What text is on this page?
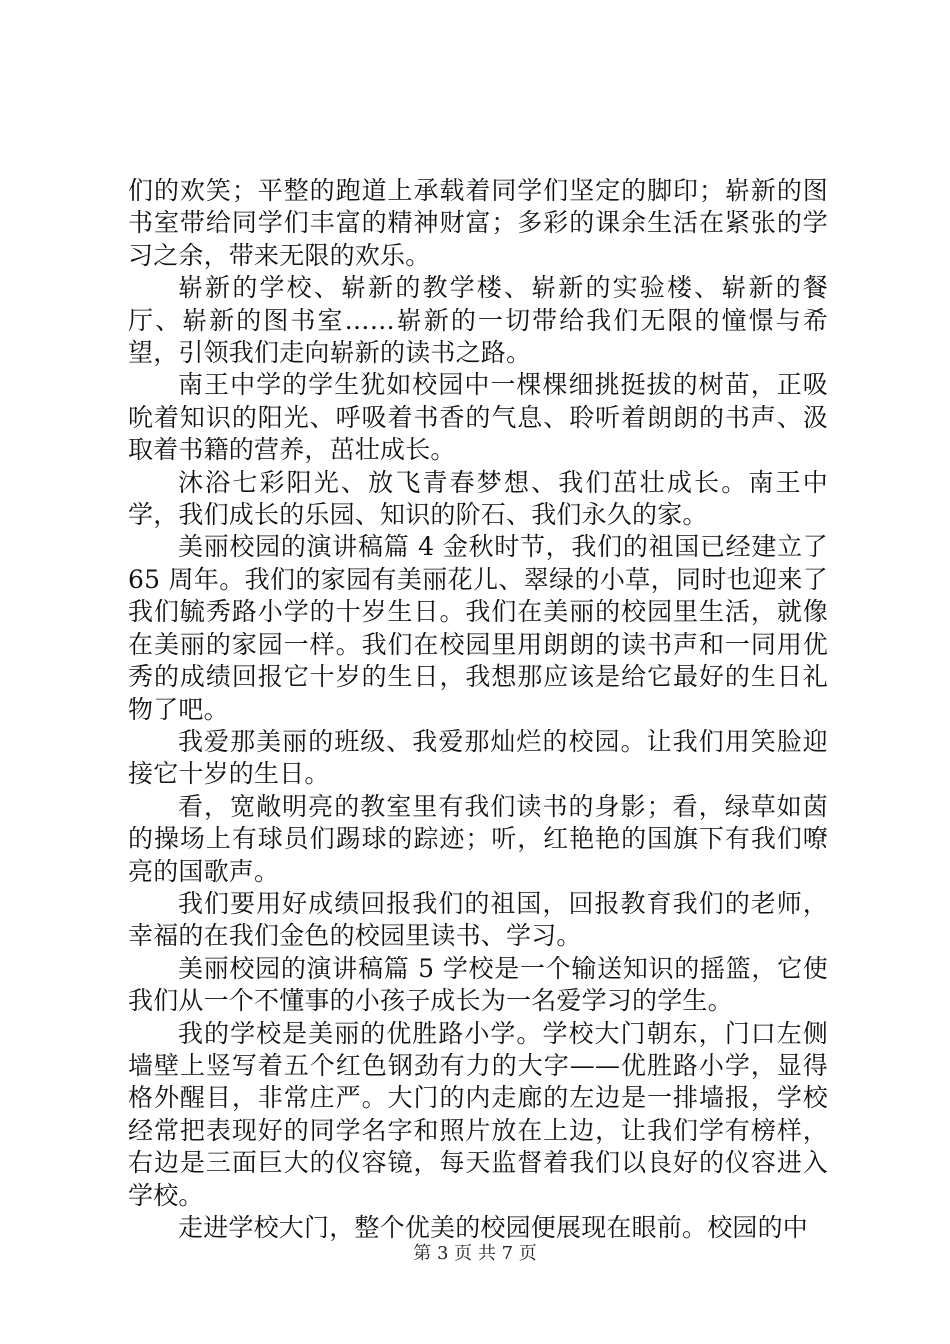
们的欢笑；平整的跑道上承载着同学们坚定的脚印；崭新的图书室带给同学们丰富的精神财富；多彩的课余生活在紧张的学习之余，带来无限的欢乐。

崭新的学校、崭新的教学楼、崭新的实验楼、崭新的餐厅、崭新的图书室……崭新的一切带给我们无限的憧憬与希望，引领我们走向崭新的读书之路。

南王中学的学生犹如校园中一棵棵细挑挺拔的树苗，正吸吮着知识的阳光、呼吸着书香的气息、聆听着朗朗的书声、汲取着书籍的营养，茁壮成长。

沐浴七彩阳光、放飞青春梦想、我们茁壮成长。南王中学，我们成长的乐园、知识的阶石、我们永久的家。

美丽校园的演讲稿篇 4 金秋时节，我们的祖国已经建立了65 周年。我们的家园有美丽花儿、翠绿的小草，同时也迎来了我们毓秀路小学的十岁生日。我们在美丽的校园里生活，就像在美丽的家园一样。我们在校园里用朗朗的读书声和一同用优秀的成绩回报它十岁的生日，我想那应该是给它最好的生日礼物了吧。

我爱那美丽的班级、我爱那灿烂的校园。让我们用笑脸迎接它十岁的生日。

看，宽敞明亮的教室里有我们读书的身影；看，绿草如茵的操场上有球员们踢球的踪迹；听，红艳艳的国旗下有我们嘹亮的国歌声。

我们要用好成绩回报我们的祖国，回报教育我们的老师，幸福的在我们金色的校园里读书、学习。

美丽校园的演讲稿篇 5 学校是一个输送知识的摇篮，它使我们从一个不懂事的小孩子成长为一名爱学习的学生。

我的学校是美丽的优胜路小学。学校大门朝东，门口左侧墙壁上竖写着五个红色钢劲有力的大字——优胜路小学，显得格外醒目，非常庄严。大门的内走廊的左边是一排墙报，学校经常把表现好的同学名字和照片放在上边，让我们学有榜样，右边是三面巨大的仪容镜，每天监督着我们以良好的仪容进入学校。

走进学校大门，整个优美的校园便展现在眼前。校园的中

第 3 页 共 7 页
